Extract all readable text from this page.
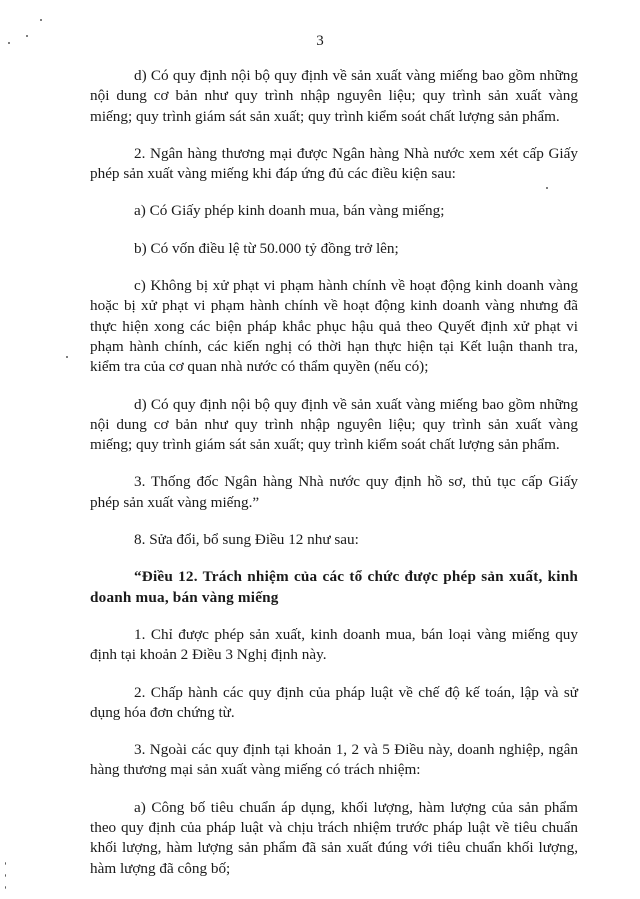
3

d) Có quy định nội bộ quy định về sản xuất vàng miếng bao gồm những nội dung cơ bản như quy trình nhập nguyên liệu; quy trình sản xuất vàng miếng; quy trình giám sát sản xuất; quy trình kiểm soát chất lượng sản phẩm.

2. Ngân hàng thương mại được Ngân hàng Nhà nước xem xét cấp Giấy phép sản xuất vàng miếng khi đáp ứng đủ các điều kiện sau:

a) Có Giấy phép kinh doanh mua, bán vàng miếng;

b) Có vốn điều lệ từ 50.000 tỷ đồng trở lên;

c) Không bị xử phạt vi phạm hành chính về hoạt động kinh doanh vàng hoặc bị xử phạt vi phạm hành chính về hoạt động kinh doanh vàng nhưng đã thực hiện xong các biện pháp khắc phục hậu quả theo Quyết định xử phạt vi phạm hành chính, các kiến nghị có thời hạn thực hiện tại Kết luận thanh tra, kiểm tra của cơ quan nhà nước có thẩm quyền (nếu có);

d) Có quy định nội bộ quy định về sản xuất vàng miếng bao gồm những nội dung cơ bản như quy trình nhập nguyên liệu; quy trình sản xuất vàng miếng; quy trình giám sát sản xuất; quy trình kiểm soát chất lượng sản phẩm.

3. Thống đốc Ngân hàng Nhà nước quy định hồ sơ, thủ tục cấp Giấy phép sản xuất vàng miếng.”

8. Sửa đổi, bổ sung Điều 12 như sau:

“Điều 12. Trách nhiệm của các tổ chức được phép sản xuất, kinh doanh mua, bán vàng miếng

1. Chỉ được phép sản xuất, kinh doanh mua, bán loại vàng miếng quy định tại khoản 2 Điều 3 Nghị định này.

2. Chấp hành các quy định của pháp luật về chế độ kế toán, lập và sử dụng hóa đơn chứng từ.

3. Ngoài các quy định tại khoản 1, 2 và 5 Điều này, doanh nghiệp, ngân hàng thương mại sản xuất vàng miếng có trách nhiệm:

a) Công bố tiêu chuẩn áp dụng, khối lượng, hàm lượng của sản phẩm theo quy định của pháp luật và chịu trách nhiệm trước pháp luật về tiêu chuẩn khối lượng, hàm lượng sản phẩm đã sản xuất đúng với tiêu chuẩn khối lượng, hàm lượng đã công bố;
